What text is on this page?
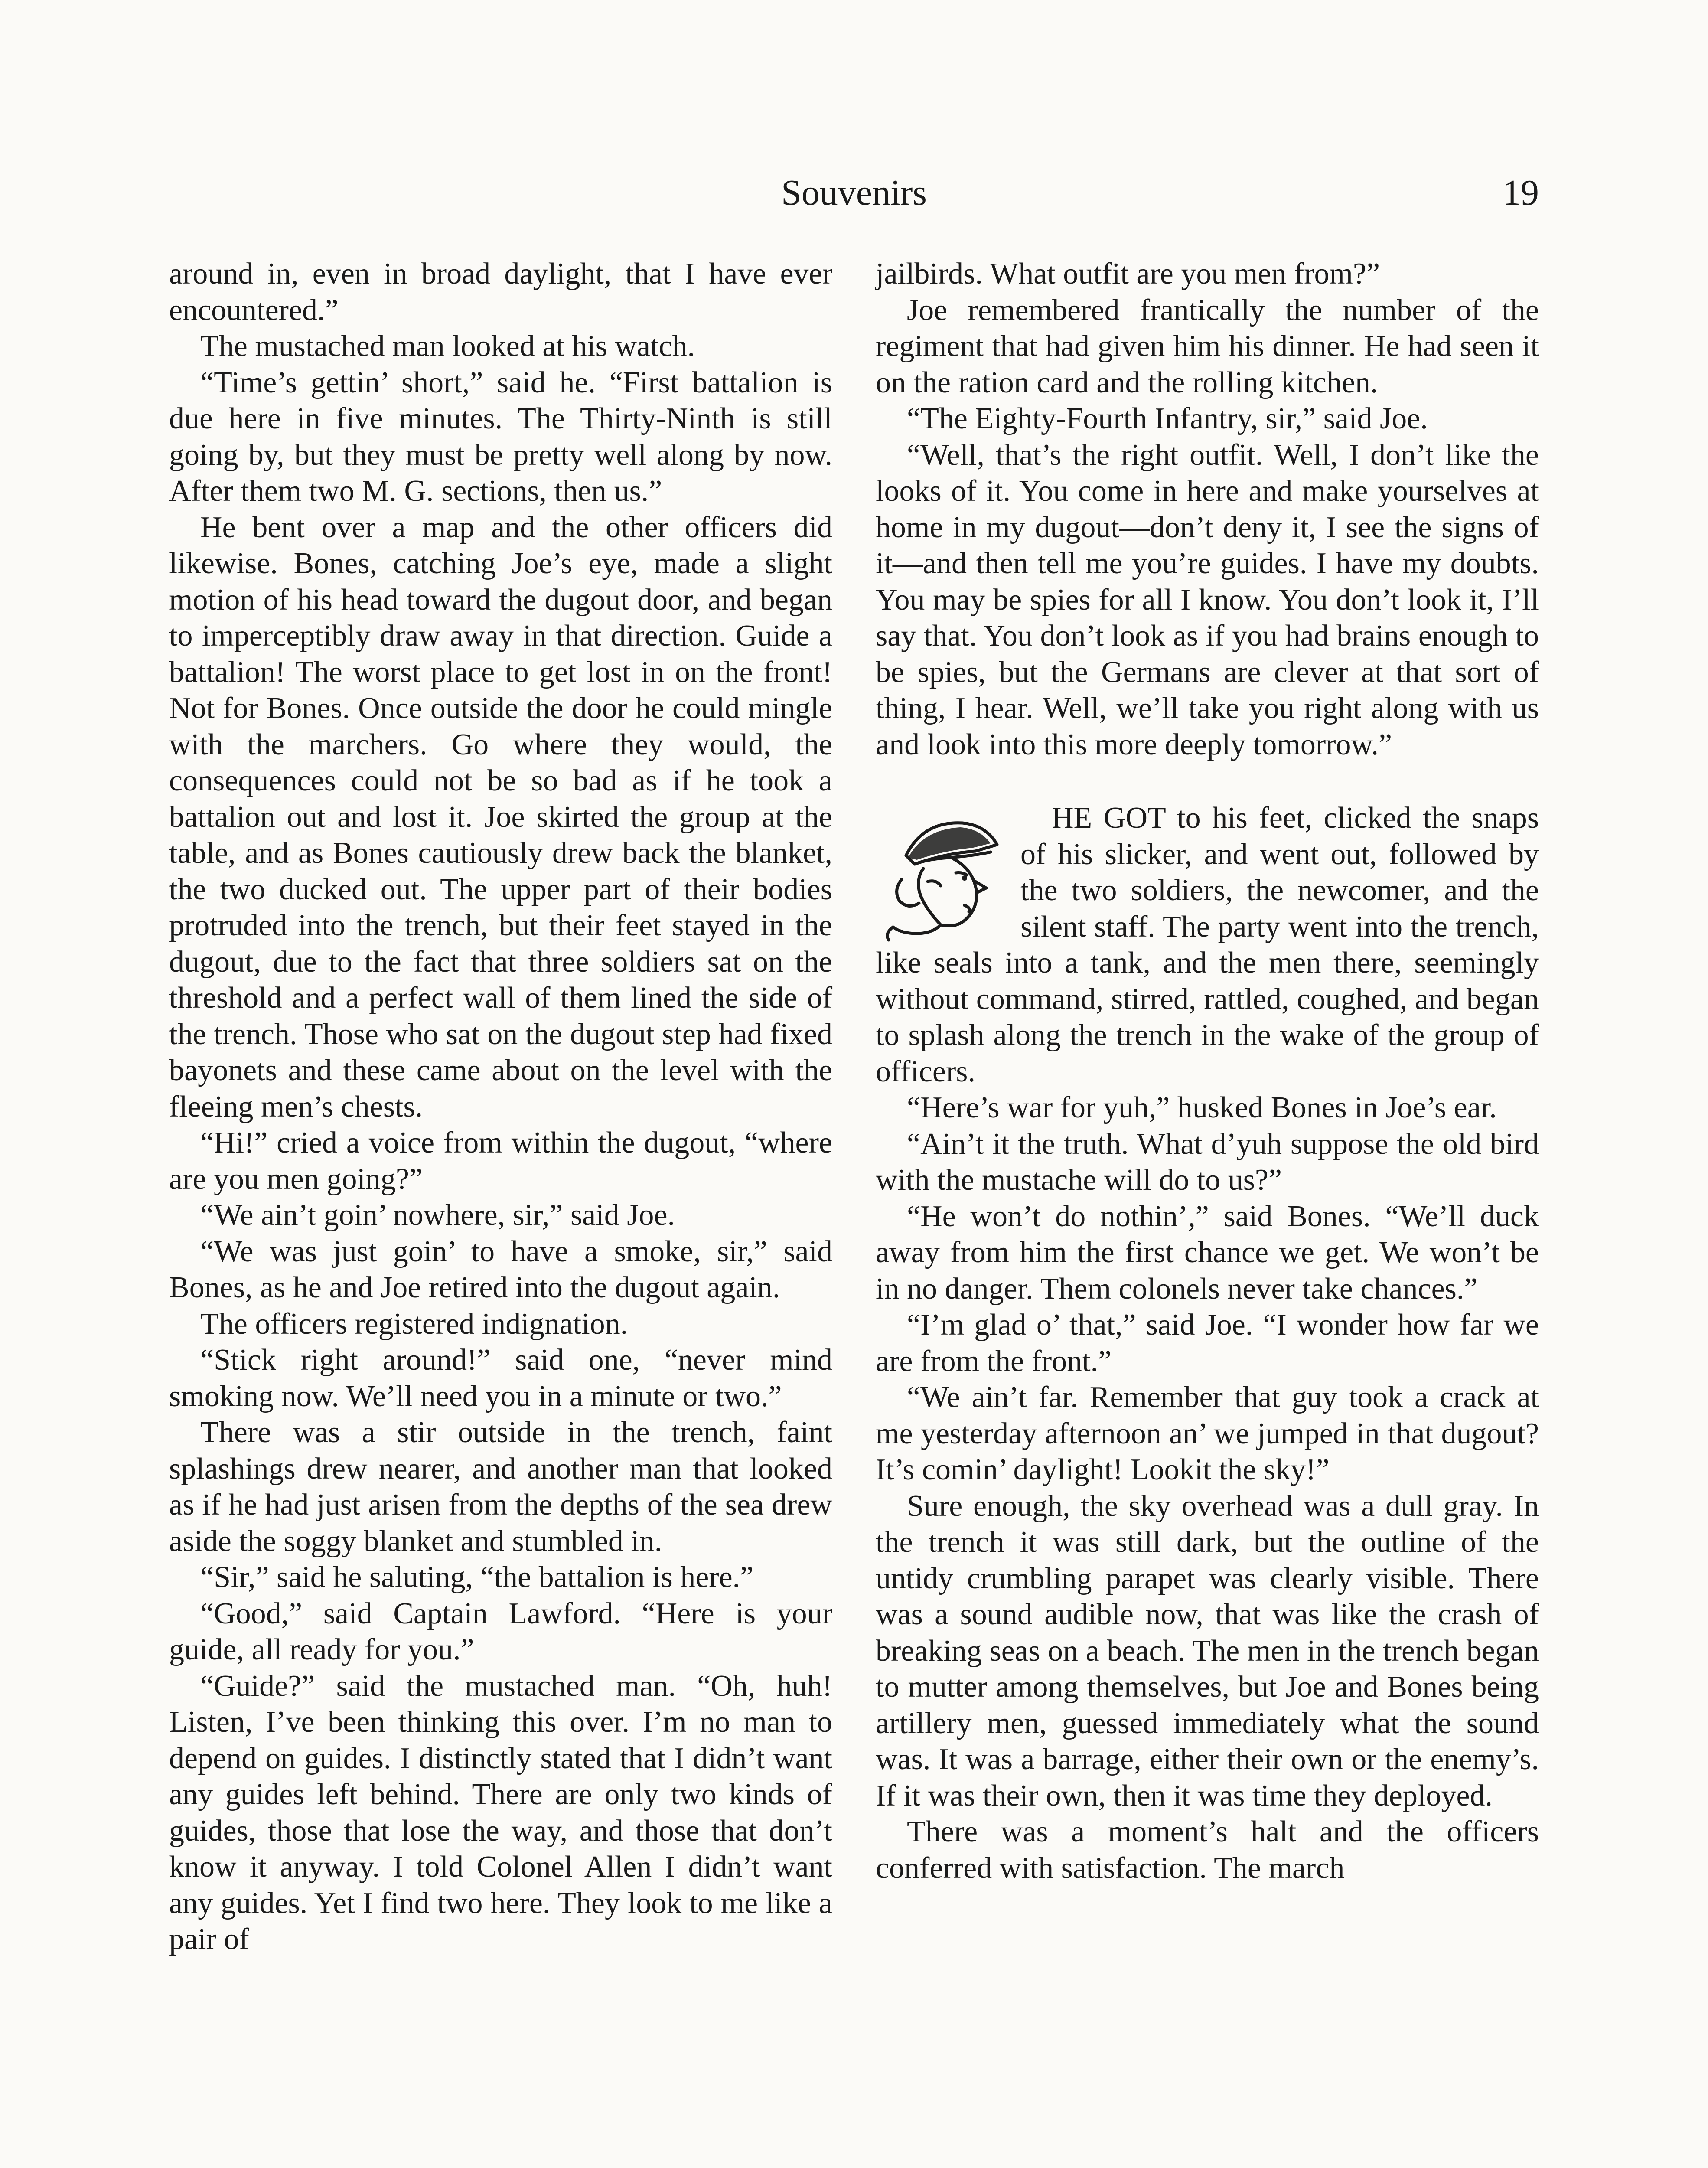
Souvenirs	19

around in, even in broad daylight, that I have ever encountered.”

The mustached man looked at his watch.

“Time’s gettin’ short,” said he. “First battalion is due here in five minutes. The Thirty-Ninth is still going by, but they must be pretty well along by now. After them two M. G. sections, then us.”

He bent over a map and the other officers did likewise. Bones, catching Joe’s eye, made a slight motion of his head toward the dugout door, and began to imperceptibly draw away in that direction. Guide a battalion! The worst place to get lost in on the front! Not for Bones. Once outside the door he could mingle with the marchers. Go where they would, the consequences could not be so bad as if he took a battalion out and lost it. Joe skirted the group at the table, and as Bones cautiously drew back the blanket, the two ducked out. The upper part of their bodies protruded into the trench, but their feet stayed in the dugout, due to the fact that three soldiers sat on the threshold and a perfect wall of them lined the side of the trench. Those who sat on the dugout step had fixed bayonets and these came about on the level with the fleeing men’s chests.

“Hi!” cried a voice from within the dugout, “where are you men going?”

“We ain’t goin’ nowhere, sir,” said Joe.

“We was just goin’ to have a smoke, sir,” said Bones, as he and Joe retired into the dugout again.

The officers registered indignation.

“Stick right around!” said one, “never mind smoking now. We’ll need you in a minute or two.”

There was a stir outside in the trench, faint splashings drew nearer, and another man that looked as if he had just arisen from the depths of the sea drew aside the soggy blanket and stumbled in.

“Sir,” said he saluting, “the battalion is here.”

“Good,” said Captain Lawford. “Here is your guide, all ready for you.”

“Guide?” said the mustached man. “Oh, huh! Listen, I’ve been thinking this over. I’m no man to depend on guides. I distinctly stated that I didn’t want any guides left behind. There are only two kinds of guides, those that lose the way, and those that don’t know it anyway. I told Colonel Allen I didn’t want any guides. Yet I find two here. They look to me like a pair of

jailbirds. What outfit are you men from?”

Joe remembered frantically the number of the regiment that had given him his dinner. He had seen it on the ration card and the rolling kitchen.

“The Eighty-Fourth Infantry, sir,” said Joe.

“Well, that’s the right outfit. Well, I don’t like the looks of it. You come in here and make yourselves at home in my dugout—don’t deny it, I see the signs of it—and then tell me you’re guides. I have my doubts. You may be spies for all I know. You don’t look it, I’ll say that. You don’t look as if you had brains enough to be spies, but the Germans are clever at that sort of thing, I hear. Well, we’ll take you right along with us and look into this more deeply tomorrow.”

HE GOT to his feet, clicked the snaps of his slicker, and went out, followed by the two soldiers, the newcomer, and the silent staff. The party went into the trench, like seals into a tank, and the men there, seemingly without command, stirred, rattled, coughed, and began to splash along the trench in the wake of the group of officers.

“Here’s war for yuh,” husked Bones in Joe’s ear.

“Ain’t it the truth. What d’yuh suppose the old bird with the mustache will do to us?”

“He won’t do nothin’,” said Bones. “We’ll duck away from him the first chance we get. We won’t be in no danger. Them colonels never take chances.”

“I’m glad o’ that,” said Joe. “I wonder how far we are from the front.”

“We ain’t far. Remember that guy took a crack at me yesterday afternoon an’ we jumped in that dugout? It’s comin’ daylight! Lookit the sky!”

Sure enough, the sky overhead was a dull gray. In the trench it was still dark, but the outline of the untidy crumbling parapet was clearly visible. There was a sound audible now, that was like the crash of breaking seas on a beach. The men in the trench began to mutter among themselves, but Joe and Bones being artillery men, guessed immediately what the sound was. It was a barrage, either their own or the enemy’s. If it was their own, then it was time they deployed.

There was a moment’s halt and the officers conferred with satisfaction. The march
